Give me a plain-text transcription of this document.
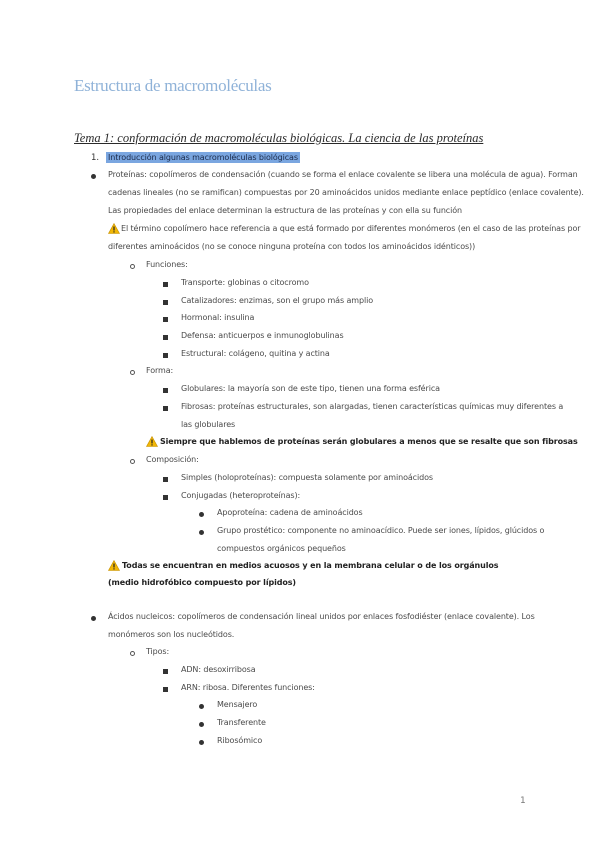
Estructura de macromoléculas
Tema 1: conformación de macromoléculas biológicas. La ciencia de las proteínas
1. Introducción algunas macromoléculas biológicas
Proteínas: copolímeros de condensación (cuando se forma el enlace covalente se libera una molécula de agua). Forman
cadenas lineales (no se ramifican) compuestas por 20 aminoácidos unidos mediante enlace peptídico (enlace covalente).
Las propiedades del enlace determinan la estructura de las proteínas y con ella su función
El término copolímero hace referencia a que está formado por diferentes monómeros (en el caso de las proteínas por
diferentes aminoácidos (no se conoce ninguna proteína con todos los aminoácidos idénticos))
Funciones:
Transporte: globinas o citocromo
Catalizadores: enzimas, son el grupo más amplio
Hormonal: insulina
Defensa: anticuerpos e inmunoglobulinas
Estructural: colágeno, quitina y actina
Forma:
Globulares: la mayoría son de este tipo, tienen una forma esférica
Fibrosas: proteínas estructurales, son alargadas, tienen características químicas muy diferentes a
las globulares
Siempre que hablemos de proteínas serán globulares a menos que se resalte que son fibrosas
Composición:
Simples (holoproteínas): compuesta solamente por aminoácidos
Conjugadas (heteroproteínas):
Apoproteína: cadena de aminoácidos
Grupo prostético: componente no aminoacídico. Puede ser iones, lípidos, glúcidos o
compuestos orgánicos pequeños
Todas se encuentran en medios acuosos y en la membrana celular o de los orgánulos
(medio hidrofóbico compuesto por lípidos)
Ácidos nucleicos: copolímeros de condensación lineal unidos por enlaces fosfodiéster (enlace covalente). Los
monómeros son los nucleótidos.
Tipos:
ADN: desoxirribosa
ARN: ribosa. Diferentes funciones:
Mensajero
Transferente
Ribosómico
1
